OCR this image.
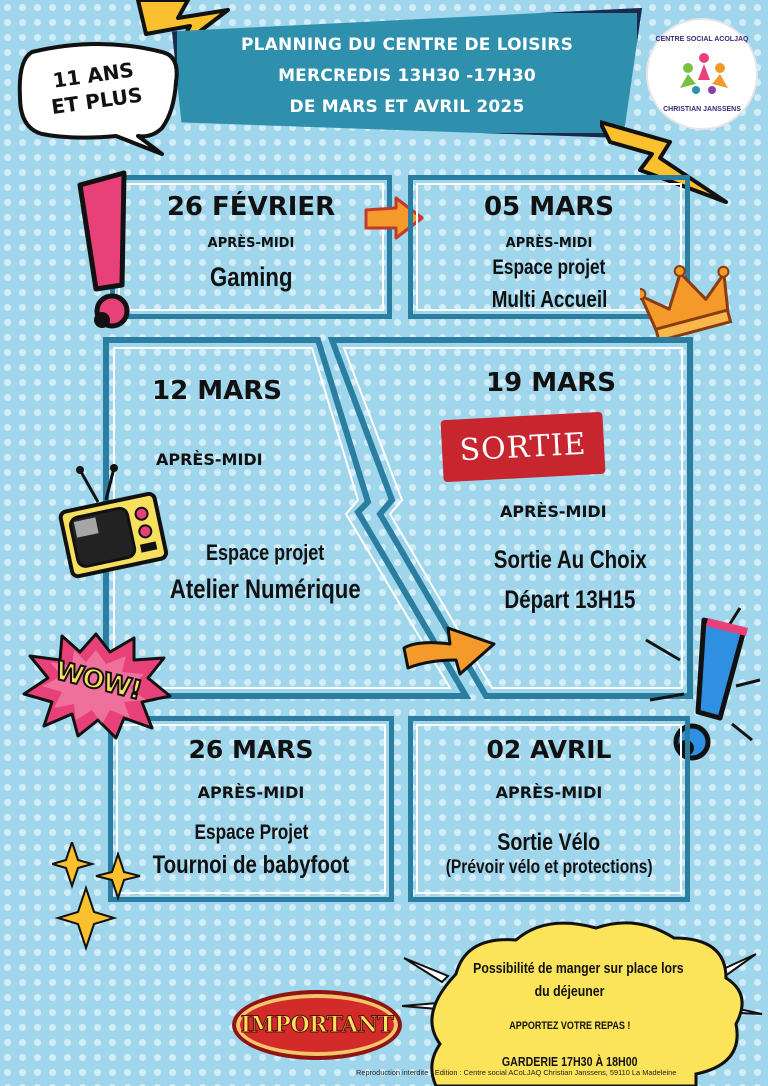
PLANNING DU CENTRE DE LOISIRS
MERCREDIS 13H30 -17H30
DE MARS ET AVRIL 2025
11 ANS
ET PLUS
CENTRE SOCIAL ACOLJAQ
CHRISTIAN JANSSENS
26 FÉVRIER
APRÈS-MIDI
Gaming
05 MARS
APRÈS-MIDI
Espace projet
Multi Accueil
12 MARS
APRÈS-MIDI
Espace projet
Atelier Numérique
19 MARS
SORTIE
APRÈS-MIDI
Sortie Au Choix
Départ 13H15
26 MARS
APRÈS-MIDI
Espace Projet
Tournoi de babyfoot
WOW!
02 AVRIL
APRÈS-MIDI
Sortie Vélo
(Prévoir vélo et protections)
Possibilité de manger sur place lors
du déjeuner
APPORTEZ VOTRE REPAS !
GARDERIE 17H30 À 18H00
IMPORTANT
Reproduction interdite - Edition : Centre social ACoLJAQ Christian Janssens, 59110 La Madeleine
